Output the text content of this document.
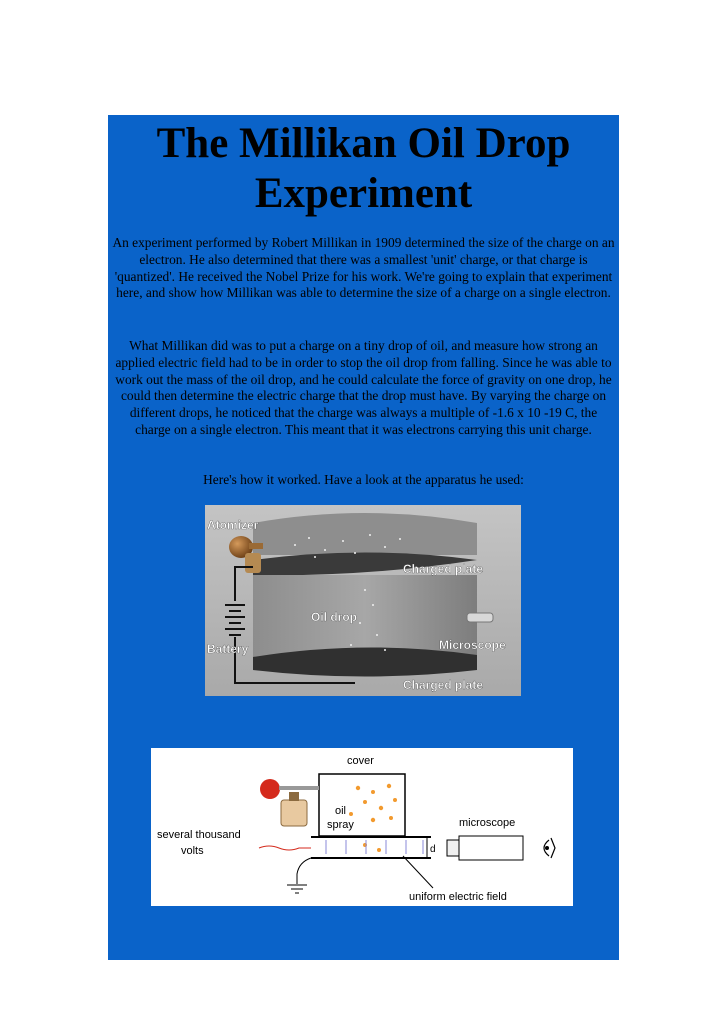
The Millikan Oil Drop Experiment

An experiment performed by Robert Millikan in 1909 determined the size of the charge on an electron. He also determined that there was a smallest 'unit' charge, or that charge is 'quantized'. He received the Nobel Prize for his work. We're going to explain that experiment here, and show how Millikan was able to determine the size of a charge on a single electron.

What Millikan did was to put a charge on a tiny drop of oil, and measure how strong an applied electric field had to be in order to stop the oil drop from falling. Since he was able to work out the mass of the oil drop, and he could calculate the force of gravity on one drop, he could then determine the electric charge that the drop must have. By varying the charge on different drops, he noticed that the charge was always a multiple of -1.6 x 10 -19 C, the charge on a single electron. This meant that it was electrons carrying this unit charge.

Here's how it worked. Have a look at the apparatus he used:

Atomizer
Charged plate
Oil drop
Battery	Microscope
Charged plate
cover
oil
spray
d
several thousand
volts
microscope
uniform electric field
